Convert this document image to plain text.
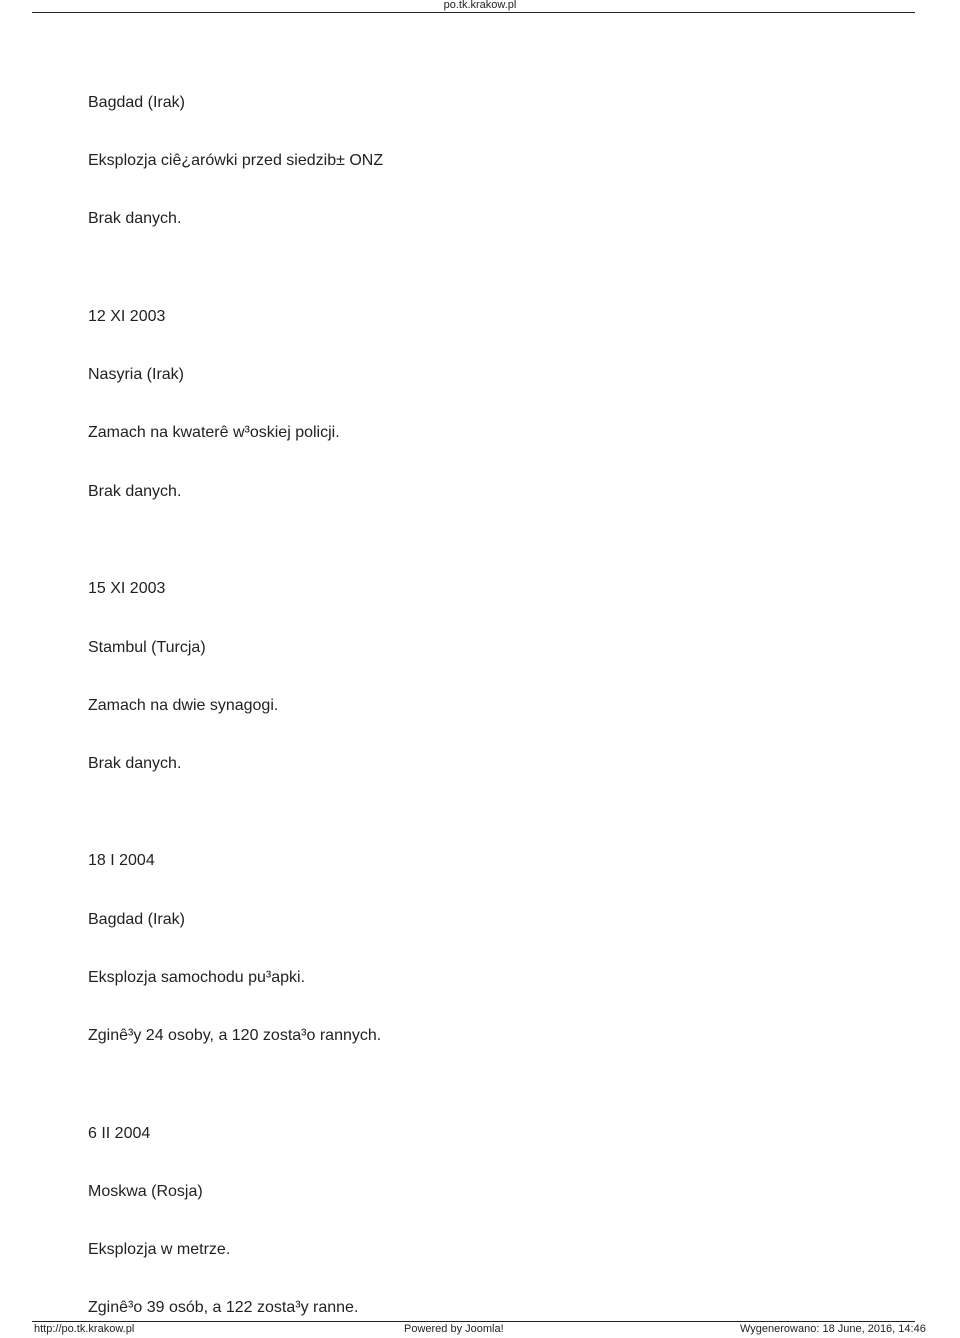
po.tk.krakow.pl
Bagdad (Irak)
Eksplozja ciê¿arówki przed siedzib± ONZ
Brak danych.
12 XI 2003
Nasyria (Irak)
Zamach na kwaterê w³oskiej policji.
Brak danych.
15 XI 2003
Stambul (Turcja)
Zamach na dwie synagogi.
Brak danych.
18 I 2004
Bagdad (Irak)
Eksplozja samochodu pu³apki.
Zginê³y 24 osoby, a 120 zosta³o rannych.
6 II 2004
Moskwa (Rosja)
Eksplozja w metrze.
Zginê³o 39 osób, a 122 zosta³y ranne.
http://po.tk.krakow.pl	Powered by Joomla!	Wygenerowano: 18 June, 2016, 14:46
